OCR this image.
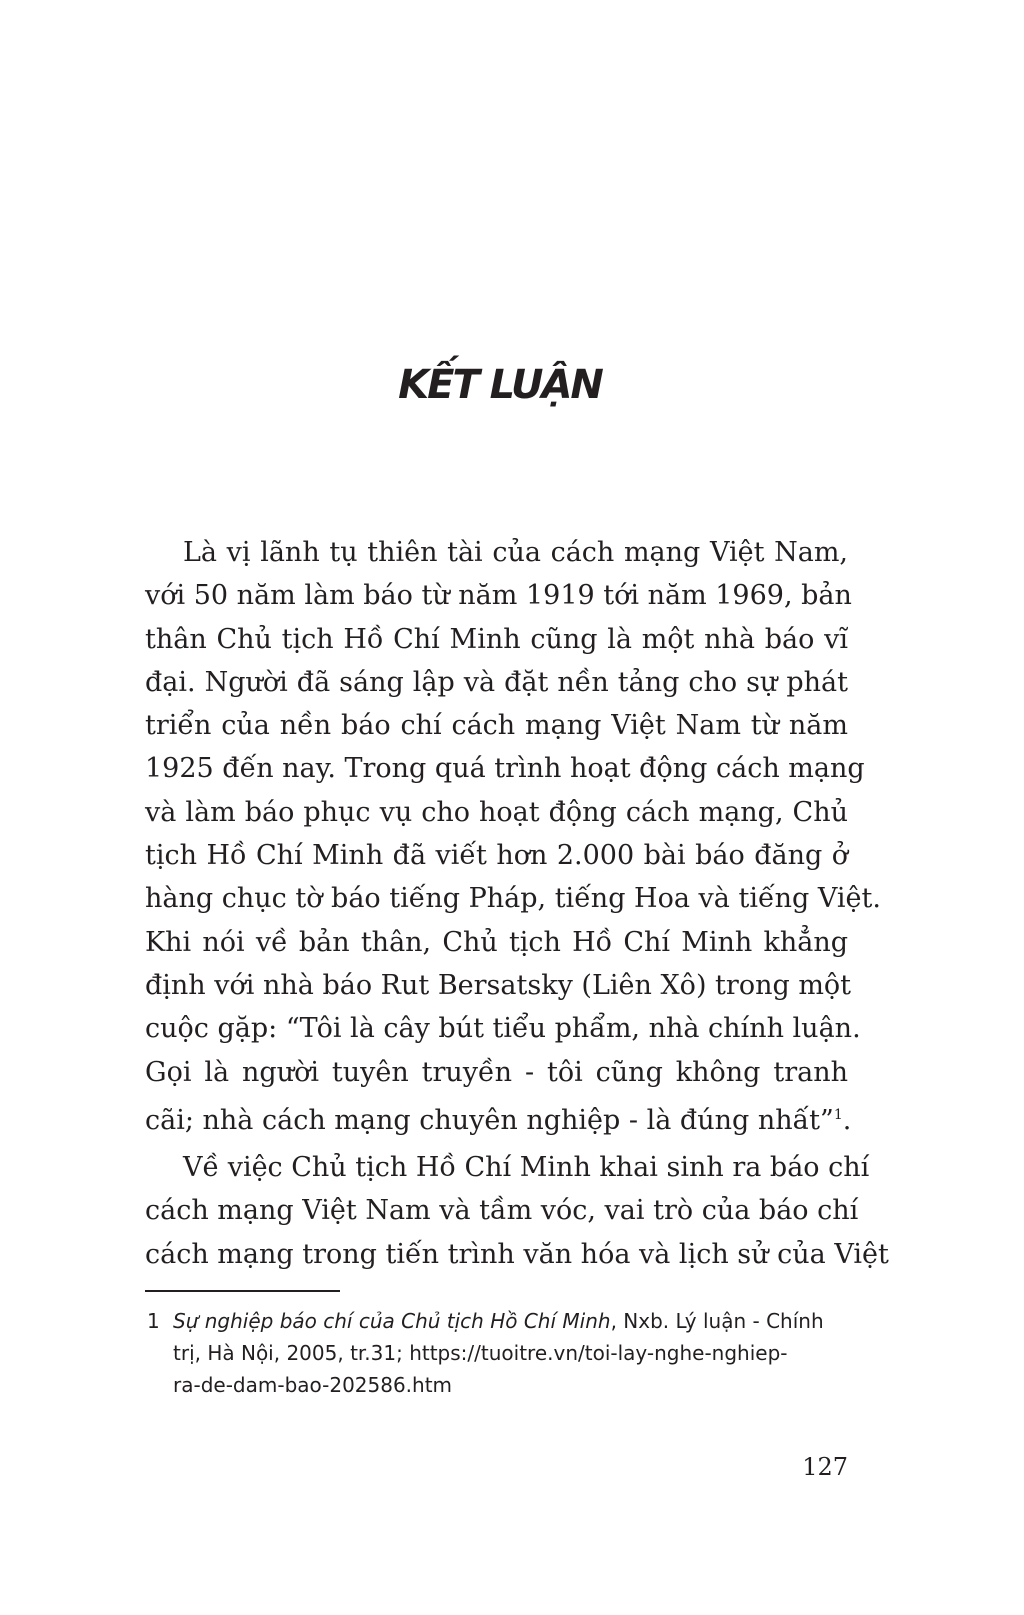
KẾT LUẬN
Là vị lãnh tụ thiên tài của cách mạng Việt Nam,
với 50 năm làm báo từ năm 1919 tới năm 1969, bản
thân Chủ tịch Hồ Chí Minh cũng là một nhà báo vĩ
đại. Người đã sáng lập và đặt nền tảng cho sự phát
triển của nền báo chí cách mạng Việt Nam từ năm
1925 đến nay. Trong quá trình hoạt động cách mạng
và làm báo phục vụ cho hoạt động cách mạng, Chủ
tịch Hồ Chí Minh đã viết hơn 2.000 bài báo đăng ở
hàng chục tờ báo tiếng Pháp, tiếng Hoa và tiếng Việt.
Khi nói về bản thân, Chủ tịch Hồ Chí Minh khẳng
định với nhà báo Rut Bersatsky (Liên Xô) trong một
cuộc gặp: “Tôi là cây bút tiểu phẩm, nhà chính luận.
Gọi là người tuyên truyền - tôi cũng không tranh
cãi; nhà cách mạng chuyên nghiệp - là đúng nhất”$^1$.
Về việc Chủ tịch Hồ Chí Minh khai sinh ra báo chí
cách mạng Việt Nam và tầm vóc, vai trò của báo chí
cách mạng trong tiến trình văn hóa và lịch sử của Việt
1 Sự nghiệp báo chí của Chủ tịch Hồ Chí Minh, Nxb. Lý luận - Chính
trị, Hà Nội, 2005, tr.31; https://tuoitre.vn/toi-lay-nghe-nghiep-
ra-de-dam-bao-202586.htm
127
